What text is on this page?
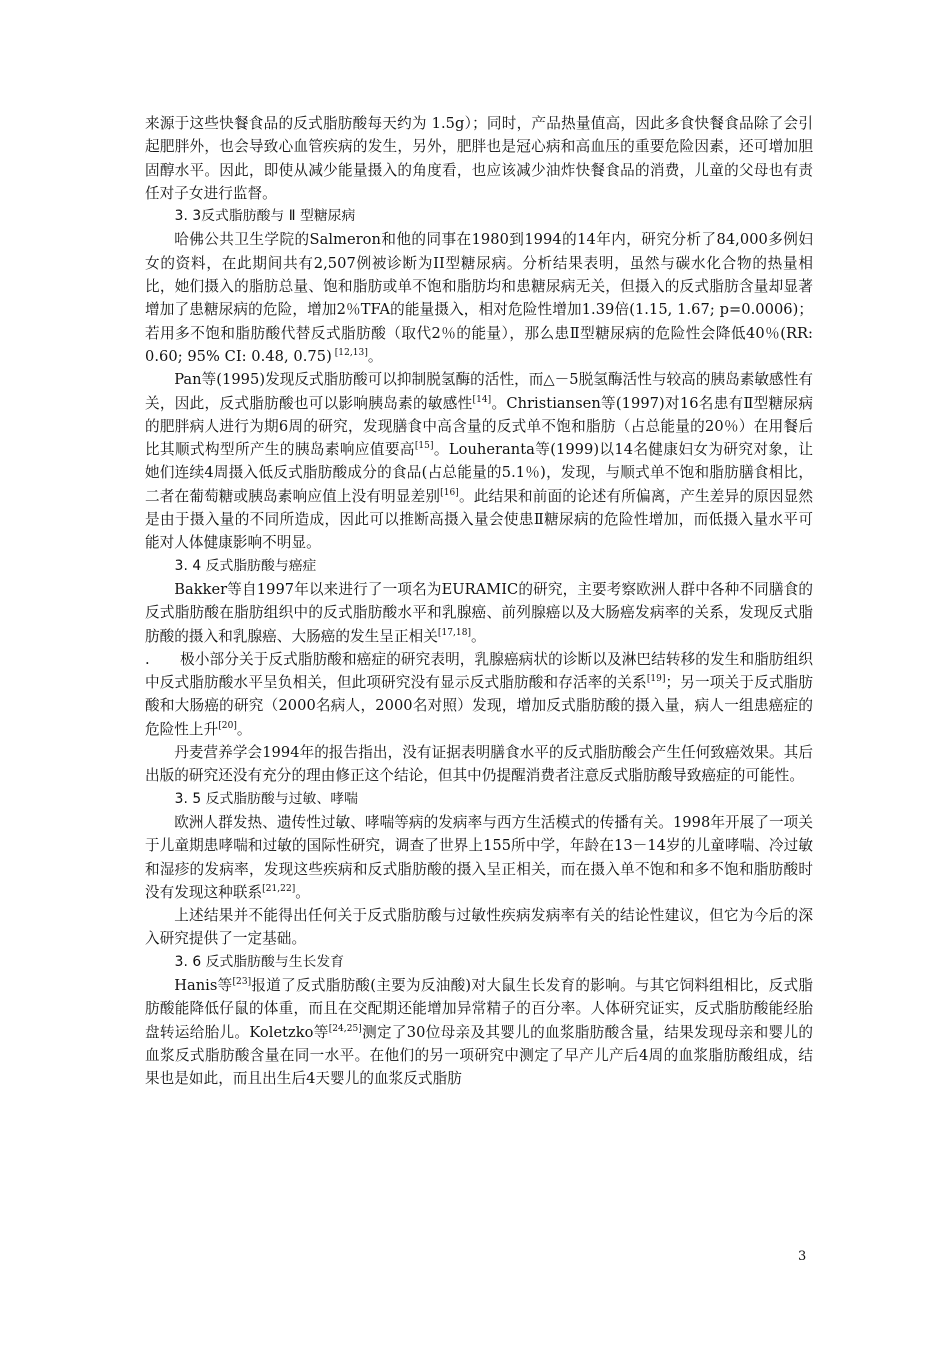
来源于这些快餐食品的反式脂肪酸每天约为 1.5g）；同时，产品热量值高，因此多食快餐食品除了会引起肥胖外，也会导致心血管疾病的发生，另外，肥胖也是冠心病和高血压的重要危险因素，还可增加胆固醇水平。因此，即使从减少能量摄入的角度看，也应该减少油炸快餐食品的消费，儿童的父母也有责任对子女进行监督。

3. 3反式脂肪酸与 Ⅱ 型糖尿病

哈佛公共卫生学院的Salmeron和他的同事在1980到1994的14年内，研究分析了84,000多例妇女的资料，在此期间共有2,507例被诊断为II型糖尿病。分析结果表明，虽然与碳水化合物的热量相比，她们摄入的脂肪总量、饱和脂肪或单不饱和脂肪均和患糖尿病无关，但摄入的反式脂肪含量却显著增加了患糖尿病的危险，增加2％TFA的能量摄入，相对危险性增加1.39倍(1.15, 1.67; p=0.0006)；若用多不饱和脂肪酸代替反式脂肪酸（取代2％的能量），那么患Ⅱ型糖尿病的危险性会降低40％(RR: 0.60; 95% CI: 0.48, 0.75) [12,13]。

Pan等(1995)发现反式脂肪酸可以抑制脱氢酶的活性，而△－5脱氢酶活性与较高的胰岛素敏感性有关，因此，反式脂肪酸也可以影响胰岛素的敏感性[14]。Christiansen等(1997)对16名患有Ⅱ型糖尿病的肥胖病人进行为期6周的研究，发现膳食中高含量的反式单不饱和脂肪（占总能量的20％）在用餐后比其顺式构型所产生的胰岛素响应值要高[15]。Louheranta等(1999)以14名健康妇女为研究对象，让她们连续4周摄入低反式脂肪酸成分的食品(占总能量的5.1％)，发现，与顺式单不饱和脂肪膳食相比，二者在葡萄糖或胰岛素响应值上没有明显差别[16]。此结果和前面的论述有所偏离，产生差异的原因显然是由于摄入量的不同所造成，因此可以推断高摄入量会使患Ⅱ糖尿病的危险性增加，而低摄入量水平可能对人体健康影响不明显。

3. 4 反式脂肪酸与癌症

Bakker等自1997年以来进行了一项名为EURAMIC的研究，主要考察欧洲人群中各种不同膳食的反式脂肪酸在脂肪组织中的反式脂肪酸水平和乳腺癌、前列腺癌以及大肠癌发病率的关系，发现反式脂肪酸的摄入和乳腺癌、大肠癌的发生呈正相关[17,18]。

. 极小部分关于反式脂肪酸和癌症的研究表明，乳腺癌病状的诊断以及淋巴结转移的发生和脂肪组织中反式脂肪酸水平呈负相关，但此项研究没有显示反式脂肪酸和存活率的关系[19]；另一项关于反式脂肪酸和大肠癌的研究（2000名病人，2000名对照）发现，增加反式脂肪酸的摄入量，病人一组患癌症的危险性上升[20]。

丹麦营养学会1994年的报告指出，没有证据表明膳食水平的反式脂肪酸会产生任何致癌效果。其后出版的研究还没有充分的理由修正这个结论，但其中仍提醒消费者注意反式脂肪酸导致癌症的可能性。

3. 5 反式脂肪酸与过敏、哮喘

欧洲人群发热、遗传性过敏、哮喘等病的发病率与西方生活模式的传播有关。1998年开展了一项关于儿童期患哮喘和过敏的国际性研究，调查了世界上155所中学，年龄在13－14岁的儿童哮喘、冷过敏和湿疹的发病率，发现这些疾病和反式脂肪酸的摄入呈正相关，而在摄入单不饱和和多不饱和脂肪酸时没有发现这种联系[21,22]。

上述结果并不能得出任何关于反式脂肪酸与过敏性疾病发病率有关的结论性建议，但它为今后的深入研究提供了一定基础。

3. 6 反式脂肪酸与生长发育

Hanis等[23]报道了反式脂肪酸(主要为反油酸)对大鼠生长发育的影响。与其它饲料组相比，反式脂肪酸能降低仔鼠的体重，而且在交配期还能增加异常精子的百分率。人体研究证实，反式脂肪酸能经胎盘转运给胎儿。Koletzko等[24,25]测定了30位母亲及其婴儿的血浆脂肪酸含量，结果发现母亲和婴儿的血浆反式脂肪酸含量在同一水平。在他们的另一项研究中测定了早产儿产后4周的血浆脂肪酸组成，结果也是如此，而且出生后4天婴儿的血浆反式脂肪

3
